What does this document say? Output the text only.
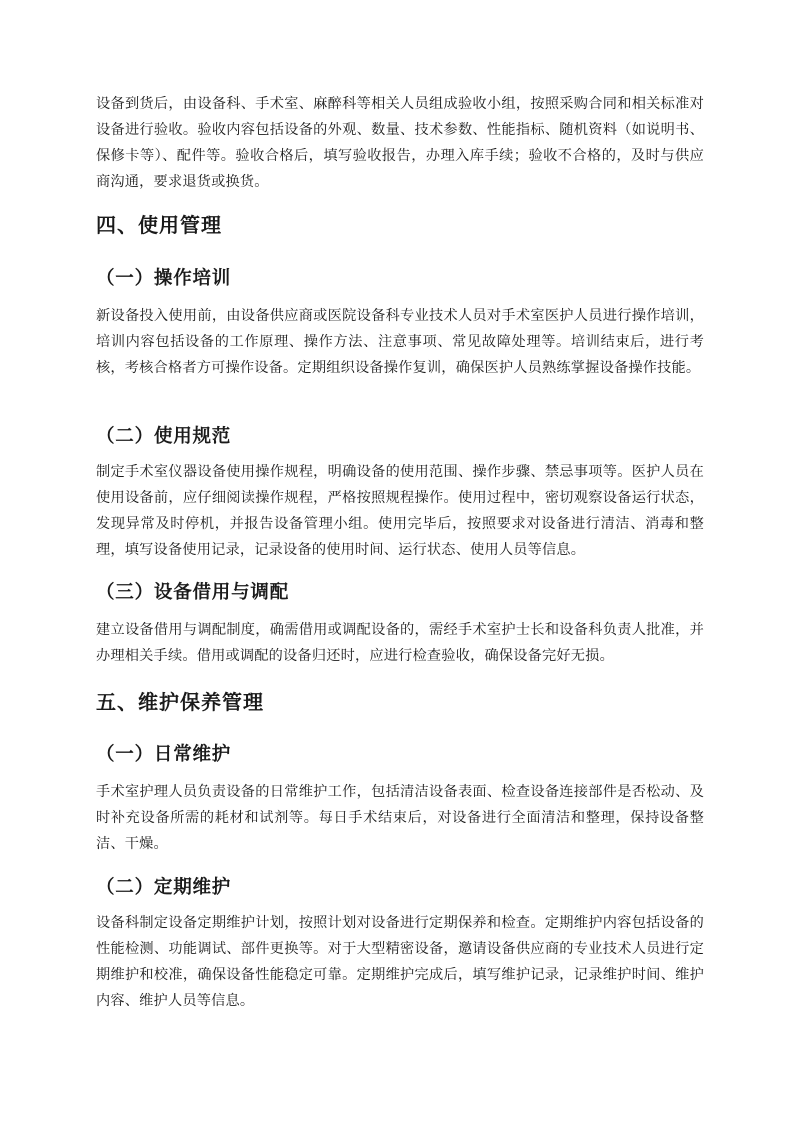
设备到货后，由设备科、手术室、麻醉科等相关人员组成验收小组，按照采购合同和相关标准对设备进行验收。验收内容包括设备的外观、数量、技术参数、性能指标、随机资料（如说明书、保修卡等）、配件等。验收合格后，填写验收报告，办理入库手续；验收不合格的，及时与供应商沟通，要求退货或换货。

四、使用管理
（一）操作培训

新设备投入使用前，由设备供应商或医院设备科专业技术人员对手术室医护人员进行操作培训，培训内容包括设备的工作原理、操作方法、注意事项、常见故障处理等。培训结束后，进行考核，考核合格者方可操作设备。定期组织设备操作复训，确保医护人员熟练掌握设备操作技能。

（二）使用规范

制定手术室仪器设备使用操作规程，明确设备的使用范围、操作步骤、禁忌事项等。医护人员在使用设备前，应仔细阅读操作规程，严格按照规程操作。使用过程中，密切观察设备运行状态，发现异常及时停机，并报告设备管理小组。使用完毕后，按照要求对设备进行清洁、消毒和整理，填写设备使用记录，记录设备的使用时间、运行状态、使用人员等信息。

（三）设备借用与调配

建立设备借用与调配制度，确需借用或调配设备的，需经手术室护士长和设备科负责人批准，并办理相关手续。借用或调配的设备归还时，应进行检查验收，确保设备完好无损。

五、维护保养管理
（一）日常维护

手术室护理人员负责设备的日常维护工作，包括清洁设备表面、检查设备连接部件是否松动、及时补充设备所需的耗材和试剂等。每日手术结束后，对设备进行全面清洁和整理，保持设备整洁、干燥。

（二）定期维护

设备科制定设备定期维护计划，按照计划对设备进行定期保养和检查。定期维护内容包括设备的性能检测、功能调试、部件更换等。对于大型精密设备，邀请设备供应商的专业技术人员进行定期维护和校准，确保设备性能稳定可靠。定期维护完成后，填写维护记录，记录维护时间、维护内容、维护人员等信息。
